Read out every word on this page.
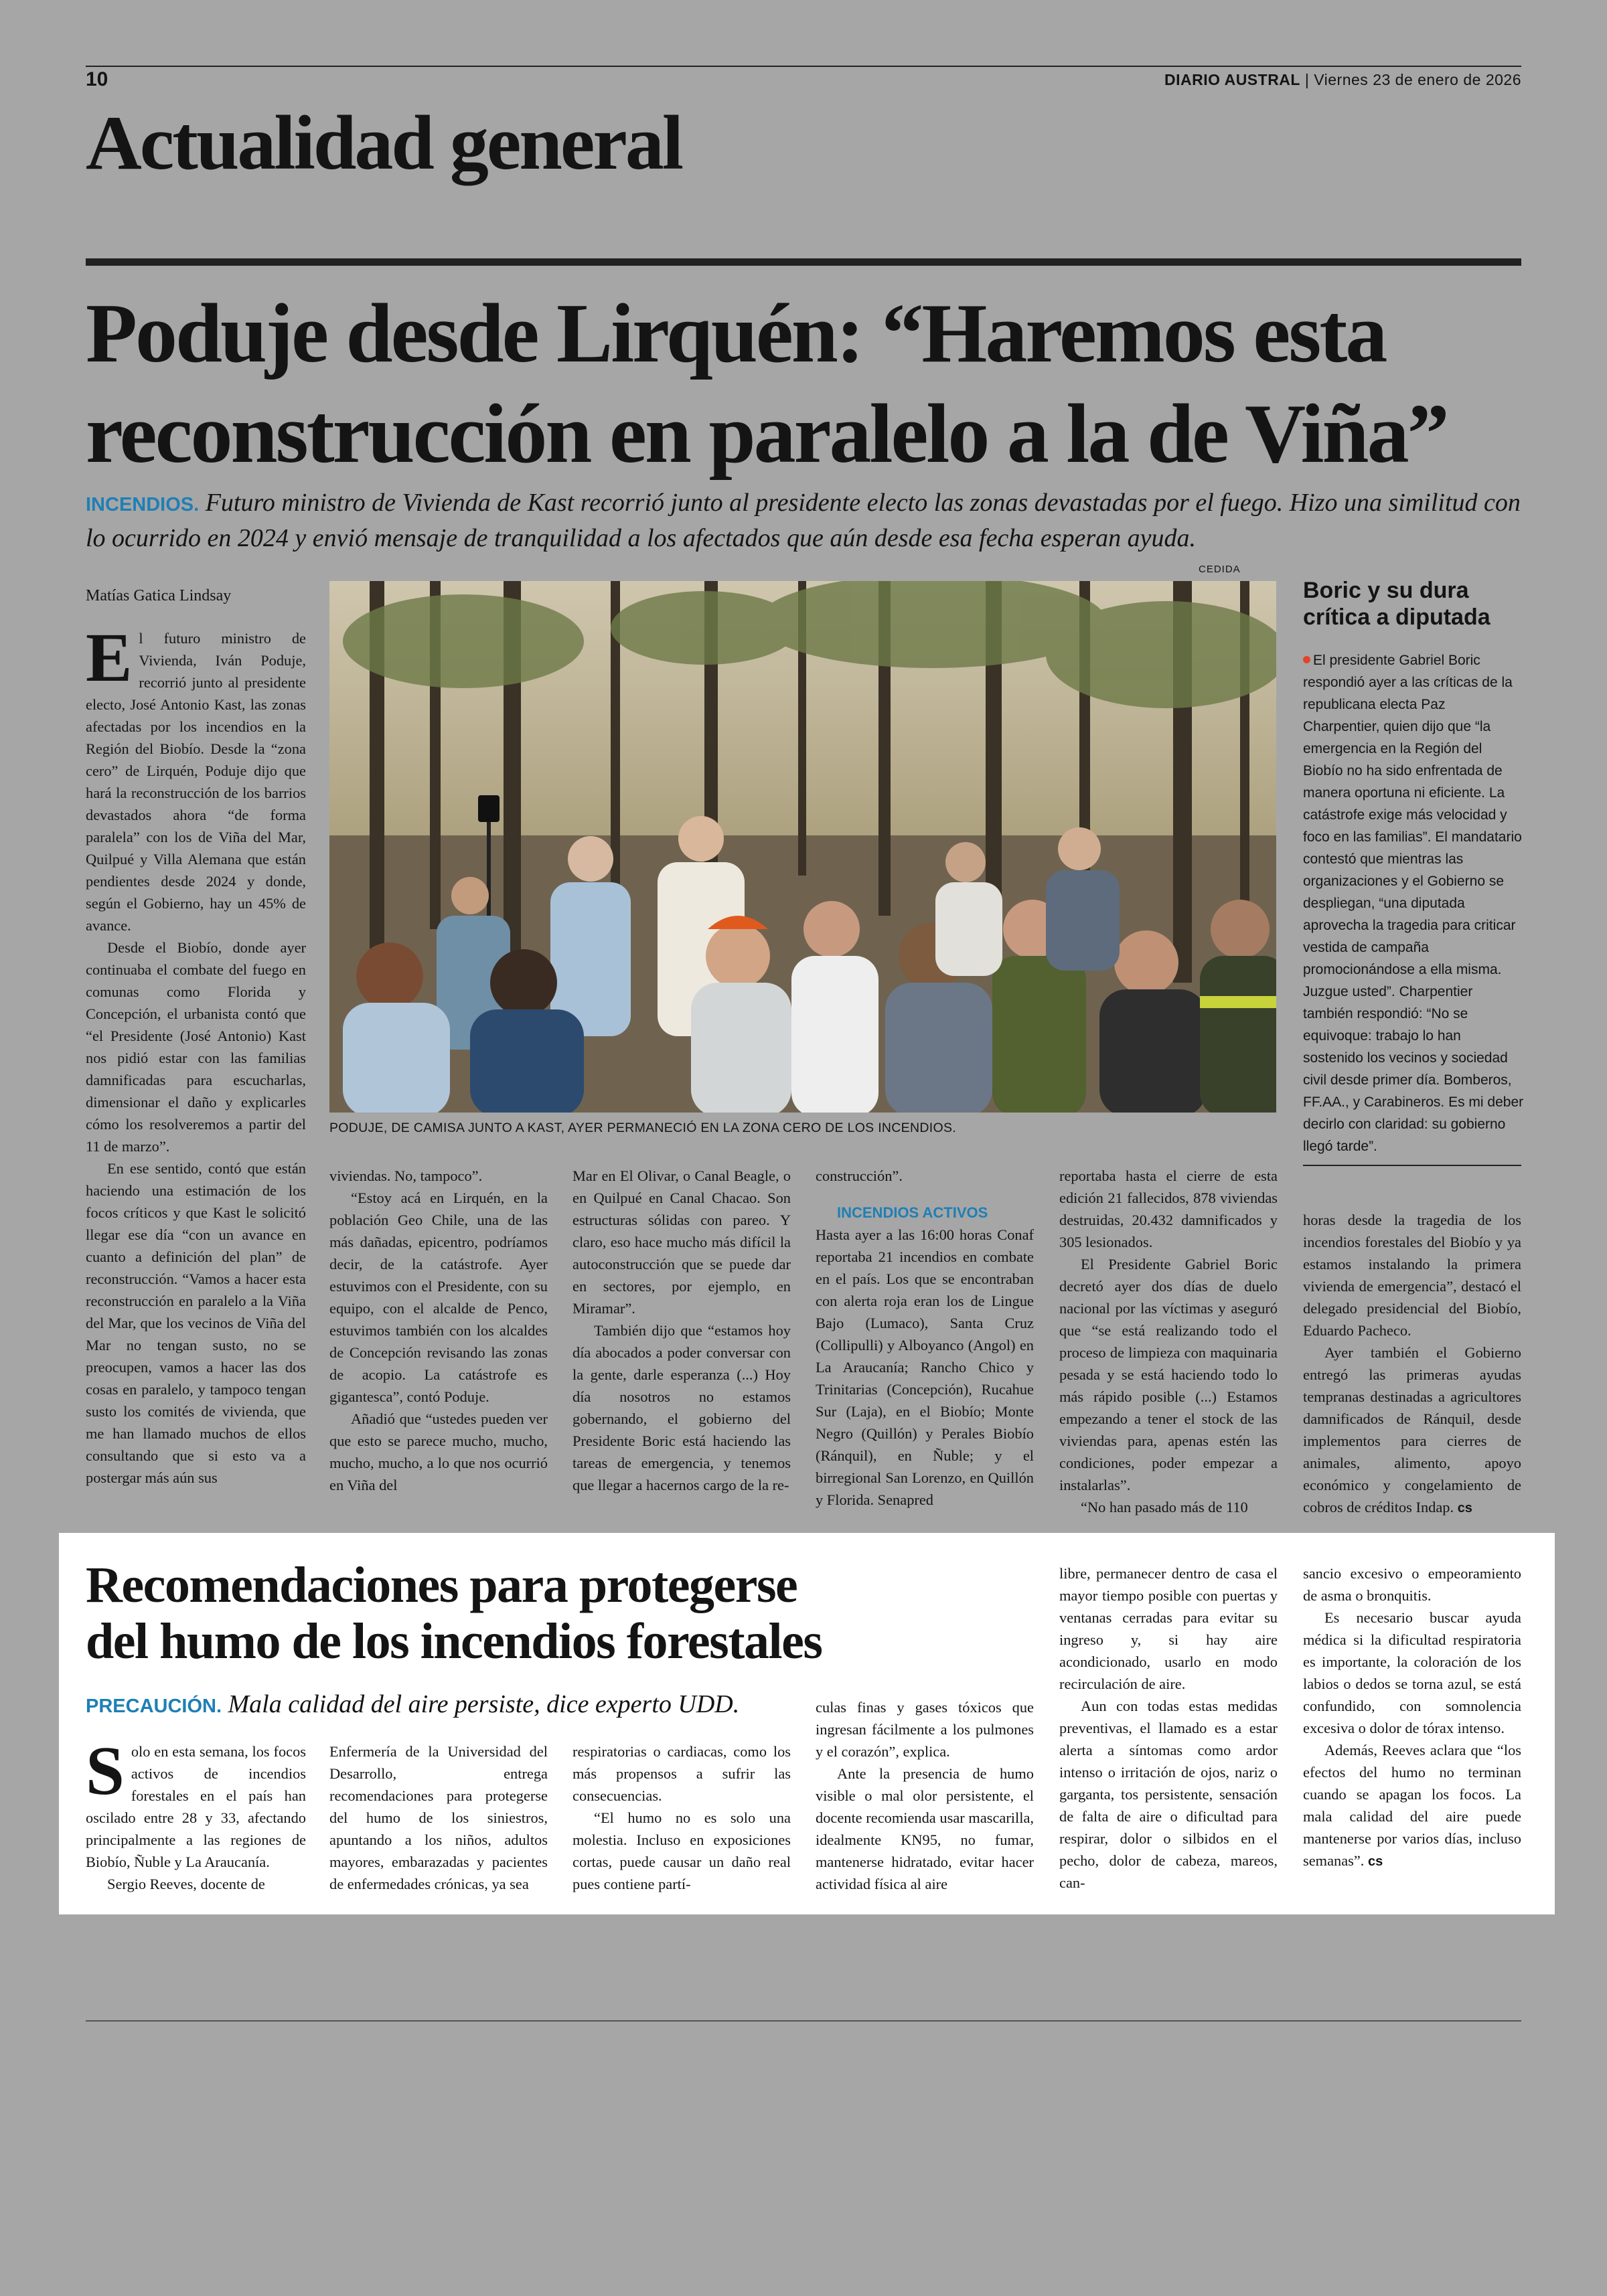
10	DIARIO AUSTRAL | Viernes 23 de enero de 2026
Actualidad general
Poduje desde Lirquén: “Haremos esta
reconstrucción en paralelo a la de Viña”
INCENDIOS. Futuro ministro de Vivienda de Kast recorrió junto al presidente electo las zonas devastadas por el fuego. Hizo una similitud con lo ocurrido en 2024 y envió mensaje de tranquilidad a los afectados que aún desde esa fecha esperan ayuda.
CEDIDA
PODUJE, DE CAMISA JUNTO A KAST, AYER PERMANECIÓ EN LA ZONA CERO DE LOS INCENDIOS.

Matías Gatica Lindsay

El futuro ministro de Vivienda, Iván Poduje, recorrió junto al presidente electo, José Antonio Kast, las zonas afectadas por los incendios en la Región del Biobío. Desde la “zona cero” de Lirquén, Poduje dijo que hará la reconstrucción de los barrios devastados ahora “de forma paralela” con los de Viña del Mar, Quilpué y Villa Alemana que están pendientes desde 2024 y donde, según el Gobierno, hay un 45% de avance.

Desde el Biobío, donde ayer continuaba el combate del fuego en comunas como Florida y Concepción, el urbanista contó que “el Presidente (José Antonio) Kast nos pidió estar con las familias damnificadas para escucharlas, dimensionar el daño y explicarles cómo los resolveremos a partir del 11 de marzo”.

En ese sentido, contó que están haciendo una estimación de los focos críticos y que Kast le solicitó llegar ese día “con un avance en cuanto a definición del plan” de reconstrucción. “Vamos a hacer esta reconstrucción en paralelo a la Viña del Mar, que los vecinos de Viña del Mar no tengan susto, no se preocupen, vamos a hacer las dos cosas en paralelo, y tampoco tengan susto los comités de vivienda, que me han llamado muchos de ellos consultando que si esto va a postergar más aún sus

viviendas. No, tampoco”.

“Estoy acá en Lirquén, en la población Geo Chile, una de las más dañadas, epicentro, podríamos decir, de la catástrofe. Ayer estuvimos con el Presidente, con su equipo, con el alcalde de Penco, estuvimos también con los alcaldes de Concepción revisando las zonas de acopio. La catástrofe es gigantesca”, contó Poduje.

Añadió que “ustedes pueden ver que esto se parece mucho, mucho, mucho, mucho, a lo que nos ocurrió en Viña del

Mar en El Olivar, o Canal Beagle, o en Quilpué en Canal Chacao. Son estructuras sólidas con pareo. Y claro, eso hace mucho más difícil la autoconstrucción que se puede dar en sectores, por ejemplo, en Miramar”.

También dijo que “estamos hoy día abocados a poder conversar con la gente, darle esperanza (...) Hoy día nosotros no estamos gobernando, el gobierno del Presidente Boric está haciendo las tareas de emergencia, y tenemos que llegar a hacernos cargo de la re-

construcción”.

INCENDIOS ACTIVOS

Hasta ayer a las 16:00 horas Conaf reportaba 21 incendios en combate en el país. Los que se encontraban con alerta roja eran los de Lingue Bajo (Lumaco), Santa Cruz (Collipulli) y Alboyanco (Angol) en La Araucanía; Rancho Chico y Trinitarias (Concepción), Rucahue Sur (Laja), en el Biobío; Monte Negro (Quillón) y Perales Biobío (Ránquil), en Ñuble; y el birregional San Lorenzo, en Quillón y Florida. Senapred

reportaba hasta el cierre de esta edición 21 fallecidos, 878 viviendas destruidas, 20.432 damnificados y 305 lesionados.

El Presidente Gabriel Boric decretó ayer dos días de duelo nacional por las víctimas y aseguró que “se está realizando todo el proceso de limpieza con maquinaria pesada y se está haciendo todo lo más rápido posible (...) Estamos empezando a tener el stock de las viviendas para, apenas estén las condiciones, poder empezar a instalarlas”.

“No han pasado más de 110

horas desde la tragedia de los incendios forestales del Biobío y ya estamos instalando la primera vivienda de emergencia”, destacó el delegado presidencial del Biobío, Eduardo Pacheco.

Ayer también el Gobierno entregó las primeras ayudas tempranas destinadas a agricultores damnificados de Ránquil, desde implementos para cierres de animales, alimento, apoyo económico y congelamiento de cobros de créditos Indap. cs

Boric y su dura crítica a diputada
El presidente Gabriel Boric respondió ayer a las críticas de la republicana electa Paz Charpentier, quien dijo que “la emergencia en la Región del Biobío no ha sido enfrentada de manera oportuna ni eficiente. La catástrofe exige más velocidad y foco en las familias”. El mandatario contestó que mientras las organizaciones y el Gobierno se despliegan, “una diputada aprovecha la tragedia para criticar vestida de campaña promocionándose a ella misma. Juzgue usted”. Charpentier también respondió: “No se equivoque: trabajo lo han sostenido los vecinos y sociedad civil desde primer día. Bomberos, FF.AA., y Carabineros. Es mi deber decirlo con claridad: su gobierno llegó tarde”.
Recomendaciones para protegerse
del humo de los incendios forestales
PRECAUCIÓN. Mala calidad del aire persiste, dice experto UDD.

Solo en esta semana, los focos activos de incendios forestales en el país han oscilado entre 28 y 33, afectando principalmente a las regiones de Biobío, Ñuble y La Araucanía.

Sergio Reeves, docente de

Enfermería de la Universidad del Desarrollo, entrega recomendaciones para protegerse del humo de los siniestros, apuntando a los niños, adultos mayores, embarazadas y pacientes de enfermedades crónicas, ya sea

respiratorias o cardiacas, como los más propensos a sufrir las consecuencias.

“El humo no es solo una molestia. Incluso en exposiciones cortas, puede causar un daño real pues contiene partí-

culas finas y gases tóxicos que ingresan fácilmente a los pulmones y el corazón”, explica.

Ante la presencia de humo visible o mal olor persistente, el docente recomienda usar mascarilla, idealmente KN95, no fumar, mantenerse hidratado, evitar hacer actividad física al aire

libre, permanecer dentro de casa el mayor tiempo posible con puertas y ventanas cerradas para evitar su ingreso y, si hay aire acondicionado, usarlo en modo recirculación de aire.

Aun con todas estas medidas preventivas, el llamado es a estar alerta a síntomas como ardor intenso o irritación de ojos, nariz o garganta, tos persistente, sensación de falta de aire o dificultad para respirar, dolor o silbidos en el pecho, dolor de cabeza, mareos, can-

sancio excesivo o empeoramiento de asma o bronquitis.

Es necesario buscar ayuda médica si la dificultad respiratoria es importante, la coloración de los labios o dedos se torna azul, se está confundido, con somnolencia excesiva o dolor de tórax intenso.

Además, Reeves aclara que “los efectos del humo no terminan cuando se apagan los focos. La mala calidad del aire puede mantenerse por varios días, incluso semanas”. cs
